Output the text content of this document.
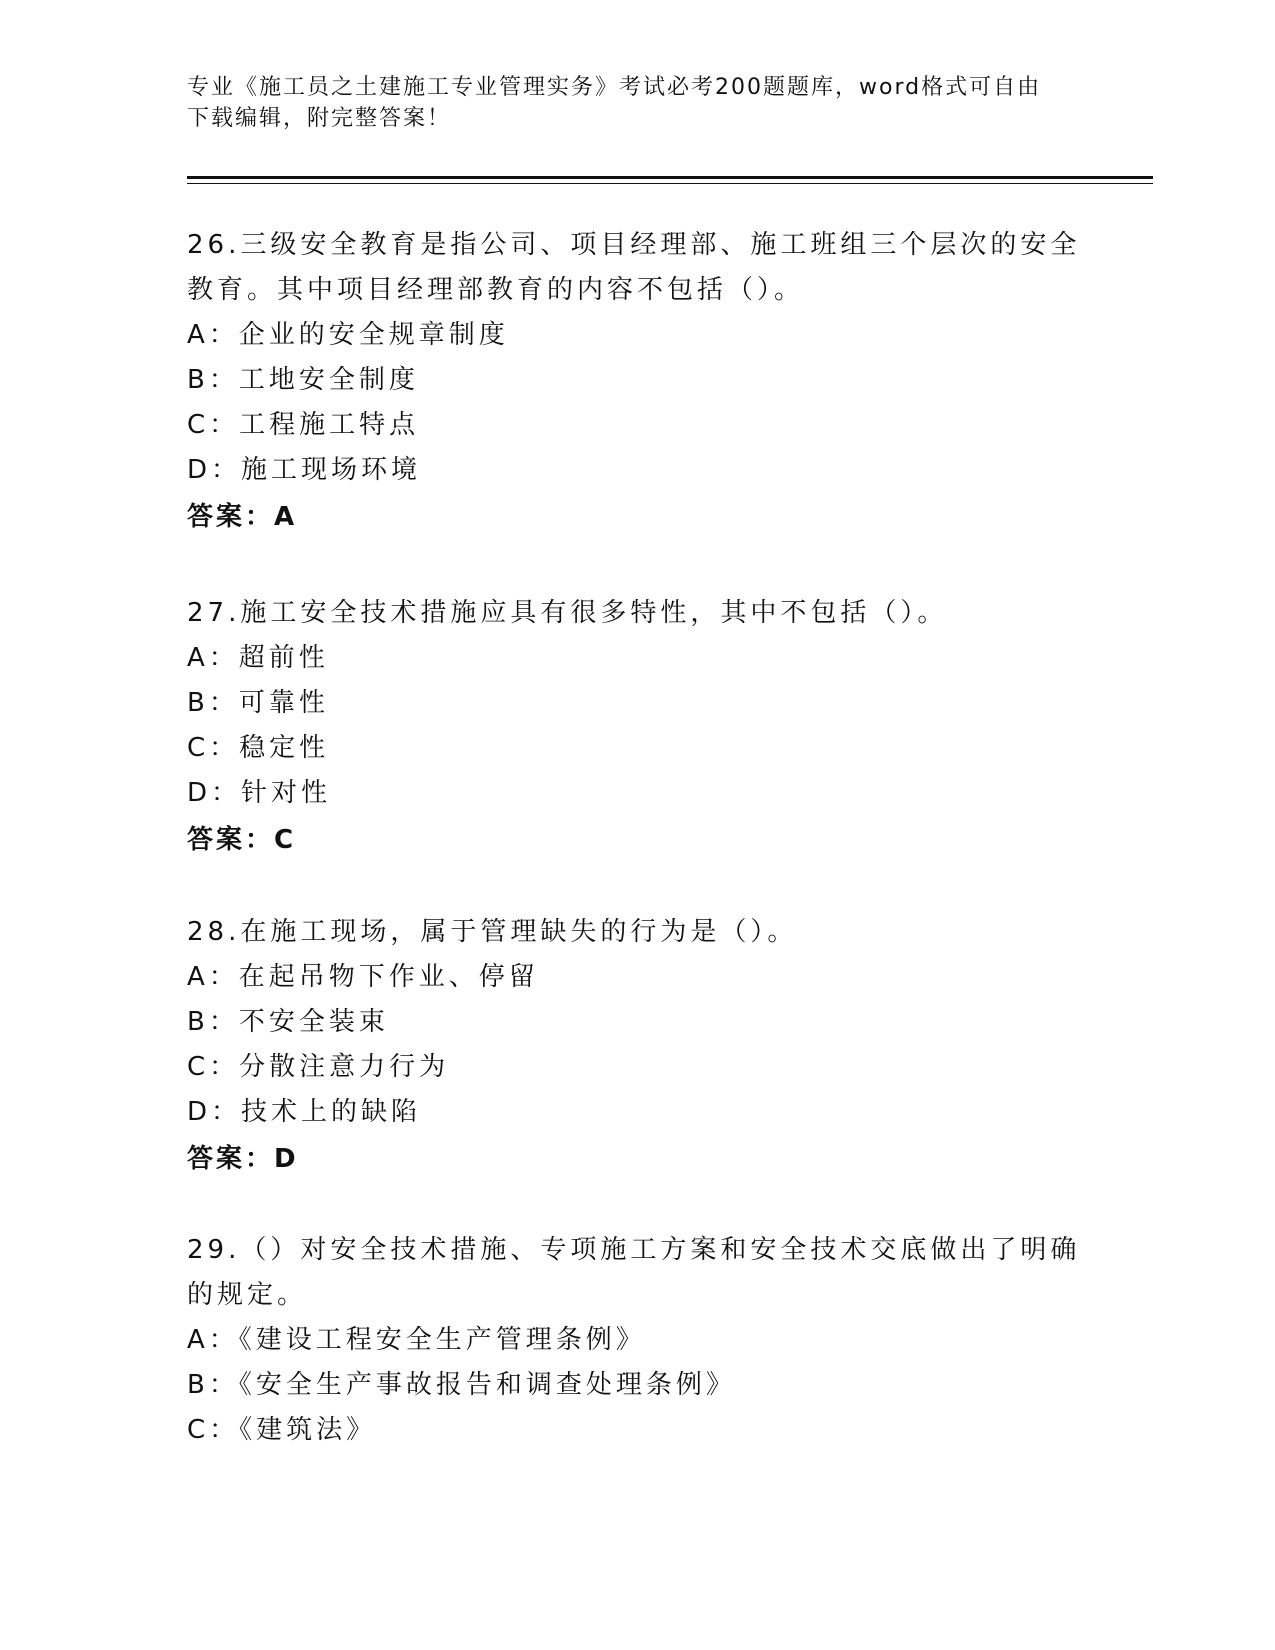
专业《施工员之土建施工专业管理实务》考试必考200题题库，word格式可自由
下载编辑，附完整答案！

26.三级安全教育是指公司、项目经理部、施工班组三个层次的安全教育。其中项目经理部教育的内容不包括（）。

A：企业的安全规章制度

B：工地安全制度

C：工程施工特点

D：施工现场环境

答案：A

27.施工安全技术措施应具有很多特性，其中不包括（）。

A：超前性

B：可靠性

C：稳定性

D：针对性

答案：C

28.在施工现场，属于管理缺失的行为是（）。

A：在起吊物下作业、停留

B：不安全装束

C：分散注意力行为

D：技术上的缺陷

答案：D

29.（）对安全技术措施、专项施工方案和安全技术交底做出了明确的规定。

A：《建设工程安全生产管理条例》

B：《安全生产事故报告和调查处理条例》

C：《建筑法》
